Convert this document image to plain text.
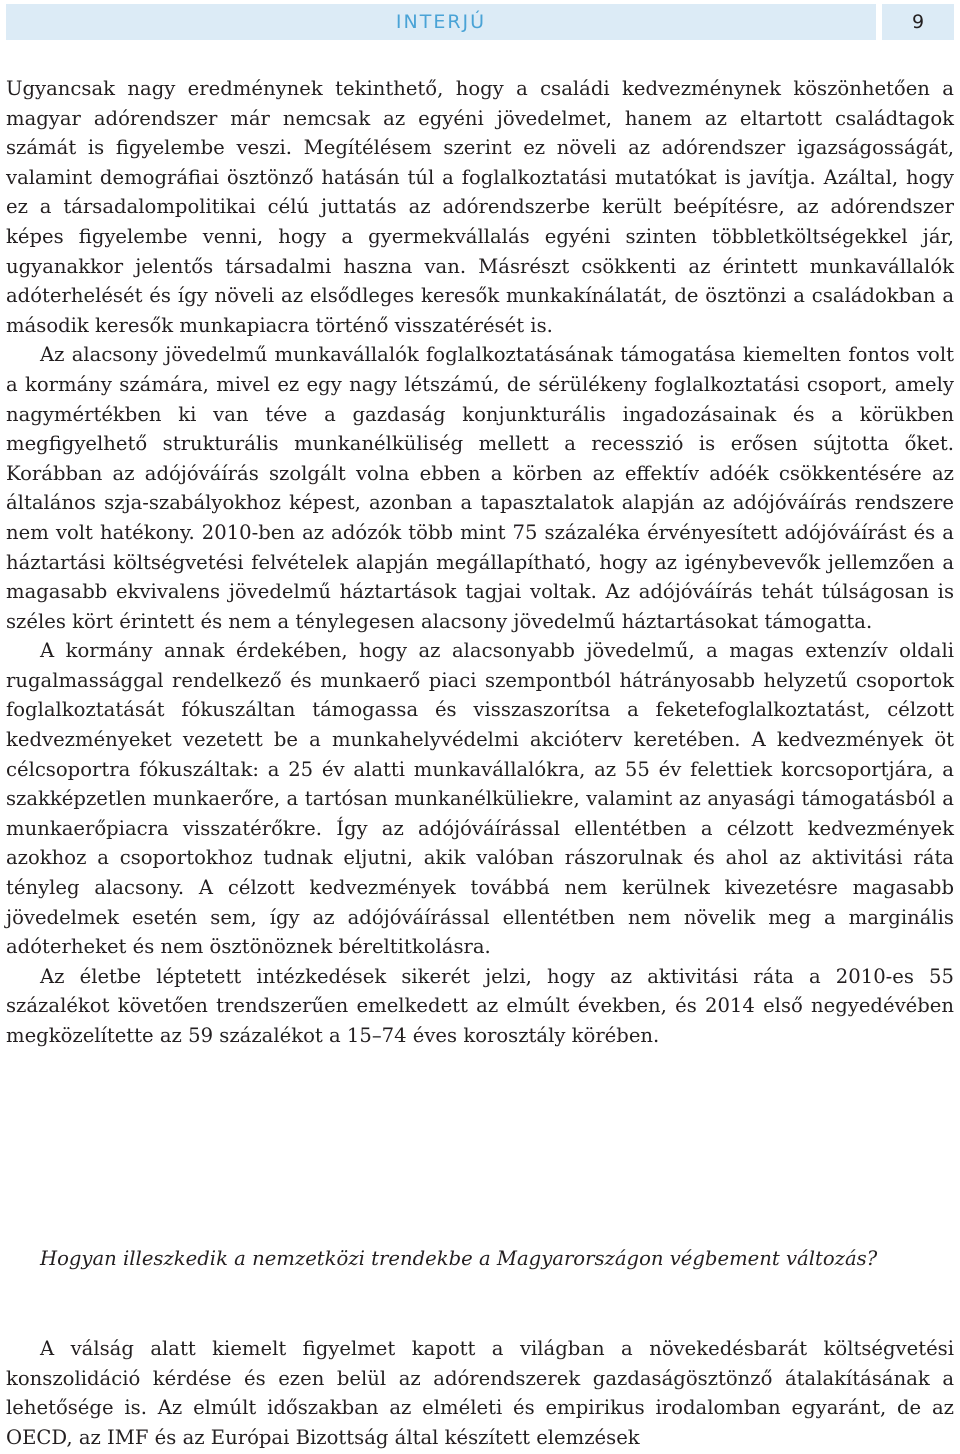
INTERJÚ	9

Ugyancsak nagy eredménynek tekinthető, hogy a családi kedvezménynek köszönhetően a magyar adórendszer már nemcsak az egyéni jövedelmet, hanem az eltartott családtagok számát is figyelembe veszi. Megítélésem szerint ez növeli az adórendszer igazságosságát, valamint demográfiai ösztönző hatásán túl a foglalkoztatási mutatókat is javítja. Azáltal, hogy ez a társadalompolitikai célú juttatás az adórendszerbe került beépítésre, az adórendszer képes figyelembe venni, hogy a gyermekvállalás egyéni szinten többletköltségekkel jár, ugyanakkor jelentős társadalmi haszna van. Másrészt csökkenti az érintett munkavállalók adóterhelését és így növeli az elsődleges keresők munkakínálatát, de ösztönzi a családokban a második keresők munkapiacra történő visszatérését is.

Az alacsony jövedelmű munkavállalók foglalkoztatásának támogatása kiemelten fontos volt a kormány számára, mivel ez egy nagy létszámú, de sérülékeny foglalkoztatási csoport, amely nagymértékben ki van téve a gazdaság konjunkturális ingadozásainak és a körükben megfigyelhető strukturális munkanélküliség mellett a recesszió is erősen sújtotta őket. Korábban az adójóváírás szolgált volna ebben a körben az effektív adóék csökkentésére az általános szja-szabályokhoz képest, azonban a tapasztalatok alapján az adójóváírás rendszere nem volt hatékony. 2010-ben az adózók több mint 75 százaléka érvényesített adójóváírást és a háztartási költségvetési felvételek alapján megállapítható, hogy az igénybevevők jellemzően a magasabb ekvivalens jövedelmű háztartások tagjai voltak. Az adójóváírás tehát túlságosan is széles kört érintett és nem a ténylegesen alacsony jövedelmű háztartásokat támogatta.

A kormány annak érdekében, hogy az alacsonyabb jövedelmű, a magas extenzív oldali rugalmassággal rendelkező és munkaerő piaci szempontból hátrányosabb helyzetű csoportok foglalkoztatását fókuszáltan támogassa és visszaszorítsa a feketefoglalkoztatást, célzott kedvezményeket vezetett be a munkahelyvédelmi akcióterv keretében. A kedvezmények öt célcsoportra fókuszáltak: a 25 év alatti munkavállalókra, az 55 év felettiek korcsoportjára, a szakképzetlen munkaerőre, a tartósan munkanélküliekre, valamint az anyasági támogatásból a munkaerőpiacra visszatérőkre. Így az adójóváírással ellentétben a célzott kedvezmények azokhoz a csoportokhoz tudnak eljutni, akik valóban rászorulnak és ahol az aktivitási ráta tényleg alacsony. A célzott kedvezmények továbbá nem kerülnek kivezetésre magasabb jövedelmek esetén sem, így az adójóváírással ellentétben nem növelik meg a marginális adóterheket és nem ösztönöznek béreltitkolásra.

Az életbe léptetett intézkedések sikerét jelzi, hogy az aktivitási ráta a 2010-es 55 százalékot követően trendszerűen emelkedett az elmúlt években, és 2014 első negyedévében megközelítette az 59 százalékot a 15–74 éves korosztály körében.

Hogyan illeszkedik a nemzetközi trendekbe a Magyarországon végbement változás?

A válság alatt kiemelt figyelmet kapott a világban a növekedésbarát költségvetési konszolidáció kérdése és ezen belül az adórendszerek gazdaságösztönző átalakításának a lehetősége is. Az elmúlt időszakban az elméleti és empirikus irodalomban egyaránt, de az OECD, az IMF és az Európai Bizottság által készített elemzések
